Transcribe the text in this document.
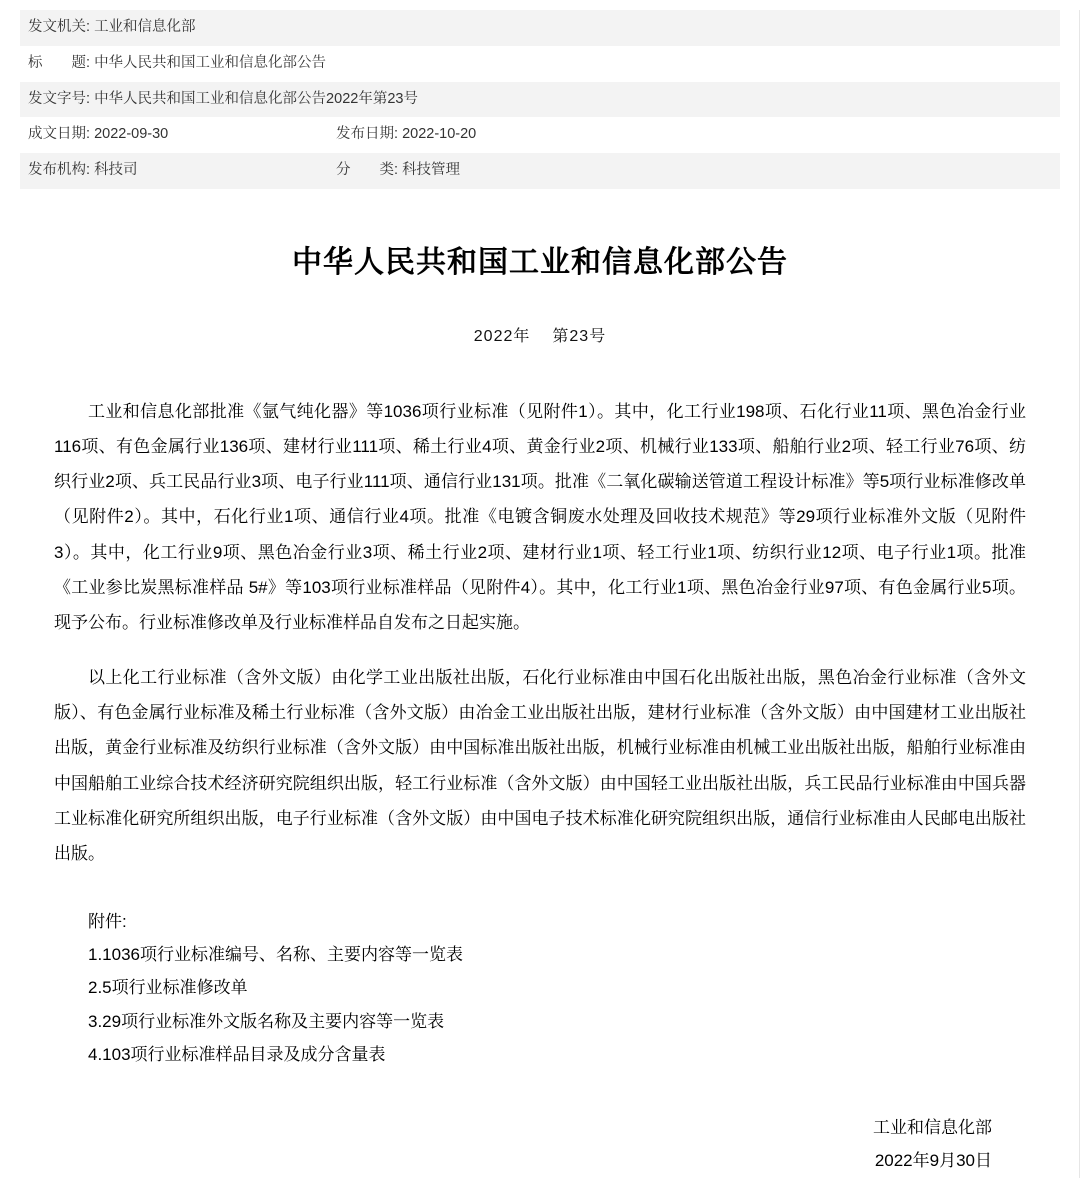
发文机关: 工业和信息化部	
标　　题: 中华人民共和国工业和信息化部公告	
发文字号: 中华人民共和国工业和信息化部公告2022年第23号	
成文日期: 2022-09-30	发布日期: 2022-10-20
发布机构: 科技司	分　　类: 科技管理
中华人民共和国工业和信息化部公告
2022年 第23号

工业和信息化部批准《氩气纯化器》等1036项行业标准（见附件1）。其中，化工行业198项、石化行业11项、黑色冶金行业116项、有色金属行业136项、建材行业111项、稀土行业4项、黄金行业2项、机械行业133项、船舶行业2项、轻工行业76项、纺织行业2项、兵工民品行业3项、电子行业111项、通信行业131项。批准《二氧化碳输送管道工程设计标准》等5项行业标准修改单（见附件2）。其中，石化行业1项、通信行业4项。批准《电镀含铜废水处理及回收技术规范》等29项行业标准外文版（见附件3）。其中，化工行业9项、黑色冶金行业3项、稀土行业2项、建材行业1项、轻工行业1项、纺织行业12项、电子行业1项。批准《工业参比炭黑标准样品 5#》等103项行业标准样品（见附件4）。其中，化工行业1项、黑色冶金行业97项、有色金属行业5项。现予公布。行业标准修改单及行业标准样品自发布之日起实施。

以上化工行业标准（含外文版）由化学工业出版社出版，石化行业标准由中国石化出版社出版，黑色冶金行业标准（含外文版）、有色金属行业标准及稀土行业标准（含外文版）由冶金工业出版社出版，建材行业标准（含外文版）由中国建材工业出版社出版，黄金行业标准及纺织行业标准（含外文版）由中国标准出版社出版，机械行业标准由机械工业出版社出版，船舶行业标准由中国船舶工业综合技术经济研究院组织出版，轻工行业标准（含外文版）由中国轻工业出版社出版，兵工民品行业标准由中国兵器工业标准化研究所组织出版，电子行业标准（含外文版）由中国电子技术标准化研究院组织出版，通信行业标准由人民邮电出版社出版。

附件:

1.1036项行业标准编号、名称、主要内容等一览表

2.5项行业标准修改单

3.29项行业标准外文版名称及主要内容等一览表

4.103项行业标准样品目录及成分含量表

工业和信息化部
2022年9月30日
